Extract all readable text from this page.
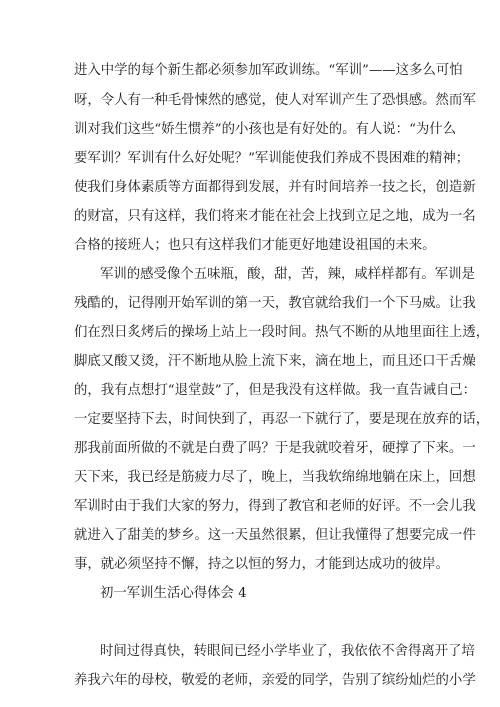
进入中学的每个新生都必须参加军政训练。“军训”——这多么可怕
呀，令人有一种毛骨悚然的感觉，使人对军训产生了恐惧感。然而军
训对我们这些“娇生惯养”的小孩也是有好处的。有人说：“为什么
要军训？军训有什么好处呢？”军训能使我们养成不畏困难的精神；
使我们身体素质等方面都得到发展，并有时间培养一技之长，创造新
的财富，只有这样，我们将来才能在社会上找到立足之地，成为一名
合格的接班人；也只有这样我们才能更好地建设祖国的未来。
军训的感受像个五味瓶，酸，甜，苦，辣，咸样样都有。军训是
残酷的，记得刚开始军训的第一天，教官就给我们一个下马威。让我
们在烈日炙烤后的操场上站上一段时间。热气不断的从地里面往上透，
脚底又酸又烫，汗不断地从脸上流下来，滴在地上，而且还口干舌燥
的，我有点想打“退堂鼓”了，但是我没有这样做。我一直告诫自己：
一定要坚持下去，时间快到了，再忍一下就行了，要是现在放弃的话，
那我前面所做的不就是白费了吗？于是我就咬着牙，硬撑了下来。一
天下来，我已经是筋疲力尽了，晚上，当我软绵绵地躺在床上，回想
军训时由于我们大家的努力，得到了教官和老师的好评。不一会儿我
就进入了甜美的梦乡。这一天虽然很累，但让我懂得了想要完成一件
事，就必须坚持不懈，持之以恒的努力，才能到达成功的彼岸。
初一军训生活心得体会 4
时间过得真快，转眼间已经小学毕业了，我依依不舍得离开了培
养我六年的母校，敬爱的老师，亲爱的同学，告别了缤纷灿烂的小学
